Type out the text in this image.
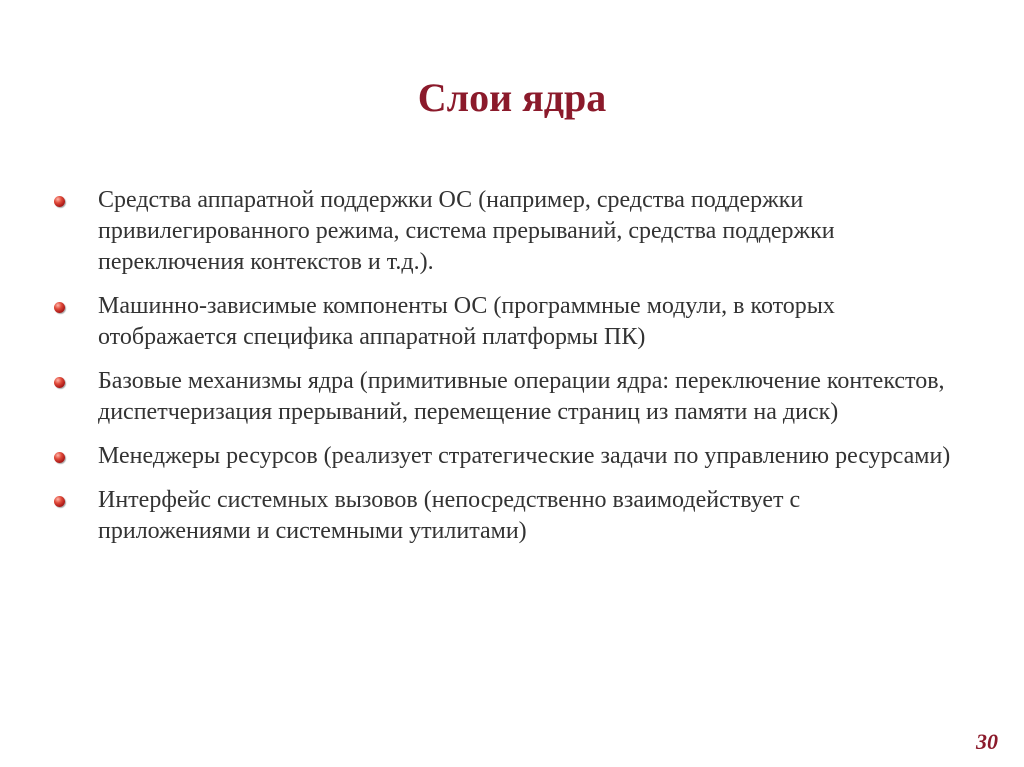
Слои ядра
Средства аппаратной поддержки ОС (например, средства поддержки привилегированного режима, система прерываний, средства поддержки переключения контекстов и т.д.).
Машинно-зависимые компоненты ОС (программные модули, в которых отображается специфика аппаратной платформы ПК)
Базовые механизмы ядра (примитивные операции ядра: переключение контекстов, диспетчеризация прерываний, перемещение страниц из памяти на диск)
Менеджеры ресурсов (реализует стратегические задачи по управлению ресурсами)
Интерфейс системных вызовов (непосредственно взаимодействует с приложениями и системными утилитами)
30
